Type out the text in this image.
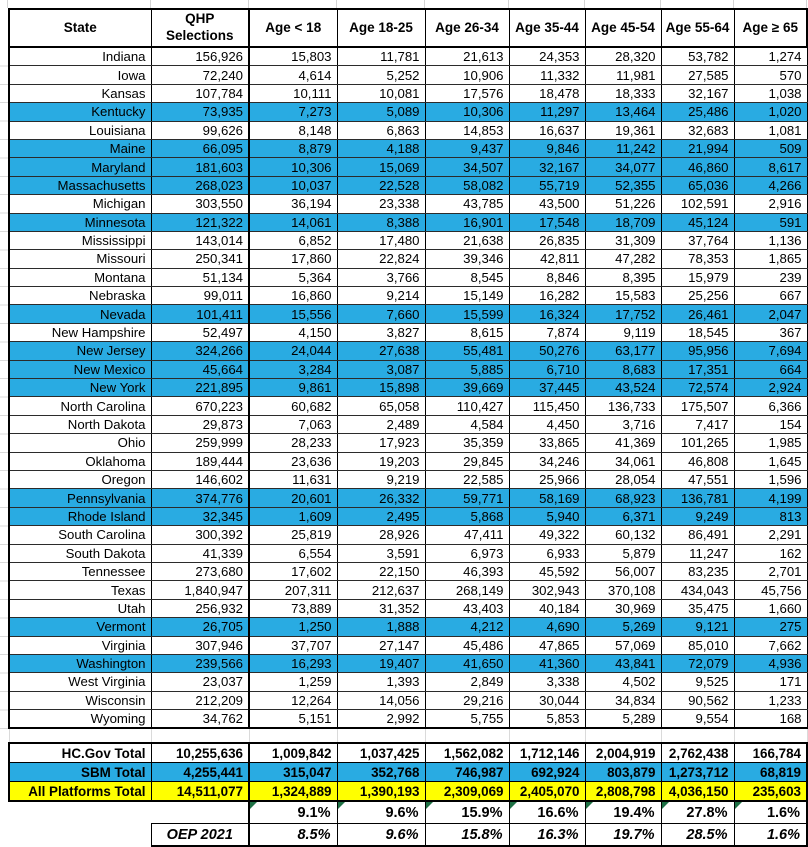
State	QHP Selections	Age < 18	Age 18-25	Age 26-34	Age 35-44	Age 45-54	Age 55-64	Age ≥ 65
Indiana	156,926	15,803	11,781	21,613	24,353	28,320	53,782	1,274
Iowa	72,240	4,614	5,252	10,906	11,332	11,981	27,585	570
Kansas	107,784	10,111	10,081	17,576	18,478	18,333	32,167	1,038
Kentucky	73,935	7,273	5,089	10,306	11,297	13,464	25,486	1,020
Louisiana	99,626	8,148	6,863	14,853	16,637	19,361	32,683	1,081
Maine	66,095	8,879	4,188	9,437	9,846	11,242	21,994	509
Maryland	181,603	10,306	15,069	34,507	32,167	34,077	46,860	8,617
Massachusetts	268,023	10,037	22,528	58,082	55,719	52,355	65,036	4,266
Michigan	303,550	36,194	23,338	43,785	43,500	51,226	102,591	2,916
Minnesota	121,322	14,061	8,388	16,901	17,548	18,709	45,124	591
Mississippi	143,014	6,852	17,480	21,638	26,835	31,309	37,764	1,136
Missouri	250,341	17,860	22,824	39,346	42,811	47,282	78,353	1,865
Montana	51,134	5,364	3,766	8,545	8,846	8,395	15,979	239
Nebraska	99,011	16,860	9,214	15,149	16,282	15,583	25,256	667
Nevada	101,411	15,556	7,660	15,599	16,324	17,752	26,461	2,047
New Hampshire	52,497	4,150	3,827	8,615	7,874	9,119	18,545	367
New Jersey	324,266	24,044	27,638	55,481	50,276	63,177	95,956	7,694
New Mexico	45,664	3,284	3,087	5,885	6,710	8,683	17,351	664
New York	221,895	9,861	15,898	39,669	37,445	43,524	72,574	2,924
North Carolina	670,223	60,682	65,058	110,427	115,450	136,733	175,507	6,366
North Dakota	29,873	7,063	2,489	4,584	4,450	3,716	7,417	154
Ohio	259,999	28,233	17,923	35,359	33,865	41,369	101,265	1,985
Oklahoma	189,444	23,636	19,203	29,845	34,246	34,061	46,808	1,645
Oregon	146,602	11,631	9,219	22,585	25,966	28,054	47,551	1,596
Pennsylvania	374,776	20,601	26,332	59,771	58,169	68,923	136,781	4,199
Rhode Island	32,345	1,609	2,495	5,868	5,940	6,371	9,249	813
South Carolina	300,392	25,819	28,926	47,411	49,322	60,132	86,491	2,291
South Dakota	41,339	6,554	3,591	6,973	6,933	5,879	11,247	162
Tennessee	273,680	17,602	22,150	46,393	45,592	56,007	83,235	2,701
Texas	1,840,947	207,311	212,637	268,149	302,943	370,108	434,043	45,756
Utah	256,932	73,889	31,352	43,403	40,184	30,969	35,475	1,660
Vermont	26,705	1,250	1,888	4,212	4,690	5,269	9,121	275
Virginia	307,946	37,707	27,147	45,486	47,865	57,069	85,010	7,662
Washington	239,566	16,293	19,407	41,650	41,360	43,841	72,079	4,936
West Virginia	23,037	1,259	1,393	2,849	3,338	4,502	9,525	171
Wisconsin	212,209	12,264	14,056	29,216	30,044	34,834	90,562	1,233
Wyoming	34,762	5,151	2,992	5,755	5,853	5,289	9,554	168

HC.Gov Total	10,255,636	1,009,842	1,037,425	1,562,082	1,712,146	2,004,919	2,762,438	166,784
SBM Total	4,255,441	315,047	352,768	746,987	692,924	803,879	1,273,712	68,819
All Platforms Total	14,511,077	1,324,889	1,390,193	2,309,069	2,405,070	2,808,798	4,036,150	235,603
		9.1%	9.6%	15.9%	16.6%	19.4%	27.8%	1.6%

	OEP 2021	8.5%	9.6%	15.8%	16.3%	19.7%	28.5%	1.6%
